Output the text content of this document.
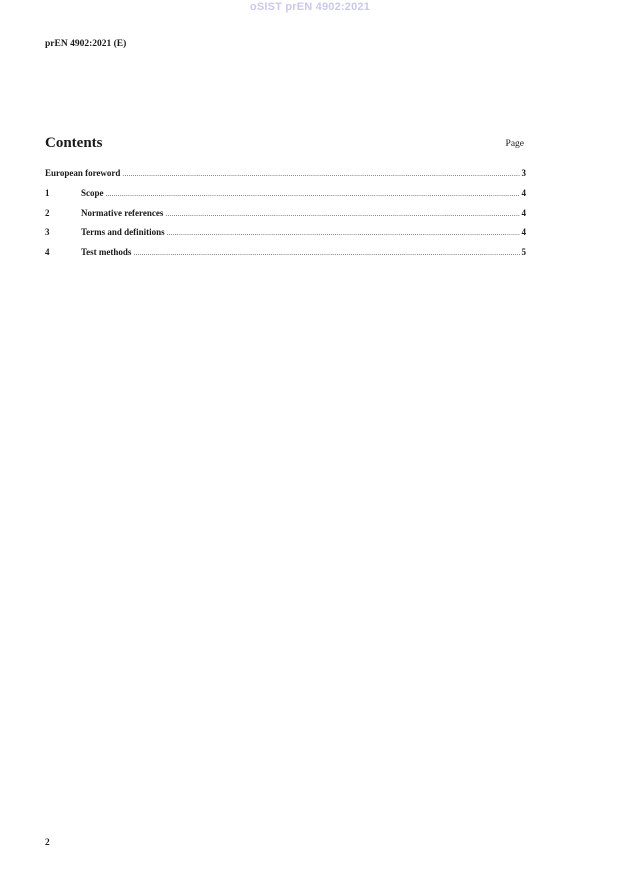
oSIST prEN 4902:2021
prEN 4902:2021 (E)
Contents	Page
European foreword .....	3
1	Scope .....	4
2	Normative references .....	4
3	Terms and definitions .....	4
4	Test methods .....	5
2
